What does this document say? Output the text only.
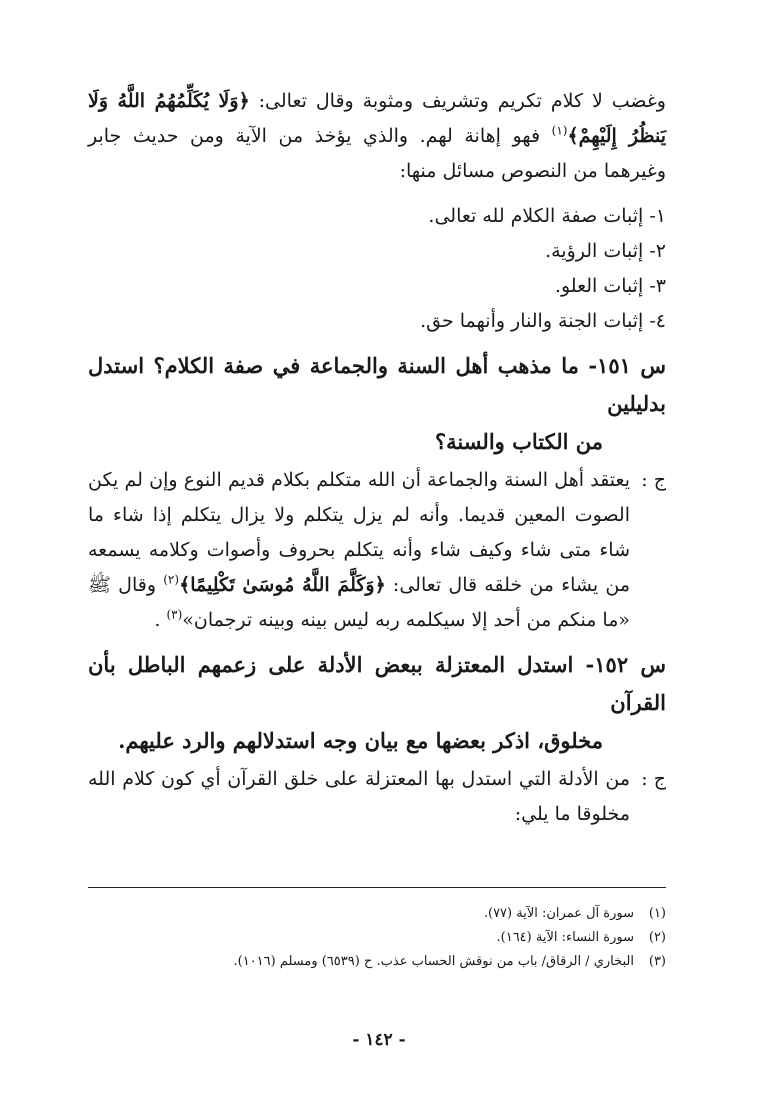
وغضب لا كلام تكريم وتشريف ومثوبة وقال تعالى: ﴿وَلَا يُكَلِّمُهُمُ اللَّهُ وَلَا يَنظُرُ إِلَيْهِمْ﴾$^{(١)}$ فهو إهانة لهم. والذي يؤخذ من الآية ومن حديث جابر وغيرهما من النصوص مسائل منها:

١- إثبات صفة الكلام لله تعالى.

٢- إثبات الرؤية.

٣- إثبات العلو.

٤- إثبات الجنة والنار وأنهما حق.

س ١٥١- ما مذهب أهل السنة والجماعة في صفة الكلام؟ استدل بدليلين
من الكتاب والسنة؟
ج :
يعتقد أهل السنة والجماعة أن الله متكلم بكلام قديم النوع وإن لم يكن الصوت المعين قديما. وأنه لم يزل يتكلم ولا يزال يتكلم إذا شاء ما شاء متى شاء وكيف شاء وأنه يتكلم بحروف وأصوات وكلامه يسمعه من يشاء من خلقه قال تعالى: ﴿وَكَلَّمَ اللَّهُ مُوسَىٰ تَكْلِيمًا﴾$^{(٢)}$ وقال ﷺ «ما منكم من أحد إلا سيكلمه ربه ليس بينه وبينه ترجمان»$^{(٣)}$ .
س ١٥٢- استدل المعتزلة ببعض الأدلة على زعمهم الباطل بأن القرآن
مخلوق، اذكر بعضها مع بيان وجه استدلالهم والرد عليهم.
ج :
من الأدلة التي استدل بها المعتزلة على خلق القرآن أي كون كلام الله مخلوقا ما يلي:
(١)سورة آل عمران: الآية (٧٧).
(٢)سورة النساء: الآية (١٦٤).
(٣)البخاري / الرقاق/ باب من نوقش الحساب عذب. ح (٦٥٣٩) ومسلم (١٠١٦).
- ١٤٢ -
